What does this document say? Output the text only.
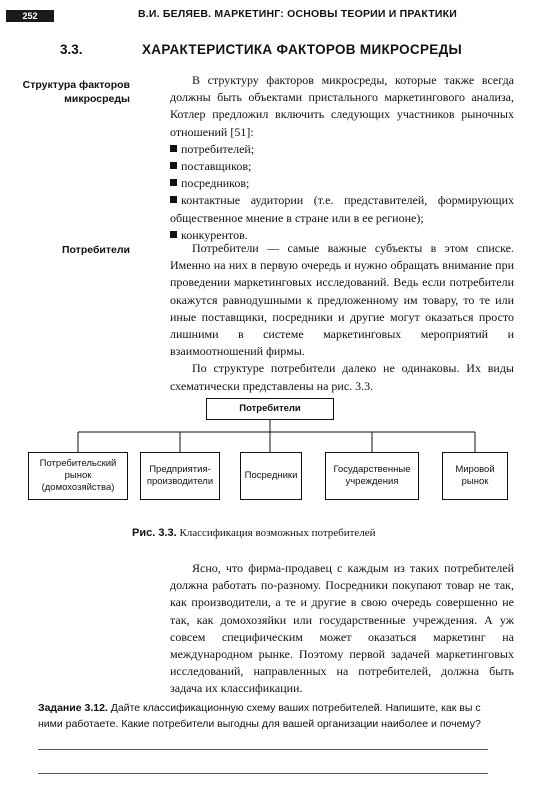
252	В.И. БЕЛЯЕВ. МАРКЕТИНГ: ОСНОВЫ ТЕОРИИ И ПРАКТИКИ
3.3.	ХАРАКТЕРИСТИКА ФАКТОРОВ МИКРОСРЕДЫ
Структура факторов микросреды
Потребители

В структуру факторов микросреды, которые также всегда должны быть объектами пристального маркетингового анализа, Котлер предложил включить следующих участников рыночных отношений [51]:

потребителей;
поставщиков;
посредников;
контактные аудитории (т.е. представителей, формирующих общественное мнение в стране или в ее регионе);
конкурентов.

Потребители — самые важные субъекты в этом списке. Именно на них в первую очередь и нужно обращать внимание при проведении маркетинговых исследований. Ведь если потребители окажутся равнодушными к предложенному им товару, то те или иные поставщики, посредники и другие могут оказаться просто лишними в системе маркетинговых мероприятий и взаимоотношений фирмы.

По структуре потребители далеко не одинаковы. Их виды схематически представлены на рис. 3.3.

Потребители
Потребительский рынок (домохозяйства)
Предприятия-производители
Посредники
Государственные учреждения
Мировой рынок
Рис. 3.3. Классификация возможных потребителей

Ясно, что фирма-продавец с каждым из таких потребителей должна работать по-разному. Посредники покупают товар не так, как производители, а те и другие в свою очередь совершенно не так, как домохозяйки или государственные учреждения. А уж совсем специфическим может оказаться маркетинг на международном рынке. Поэтому первой задачей маркетинговых исследований, направленных на потребителей, должна быть задача их классификации.

Задание 3.12. Дайте классификационную схему ваших потребителей. Напишите, как вы с ними работаете. Какие потребители выгодны для вашей организации наиболее и почему?
